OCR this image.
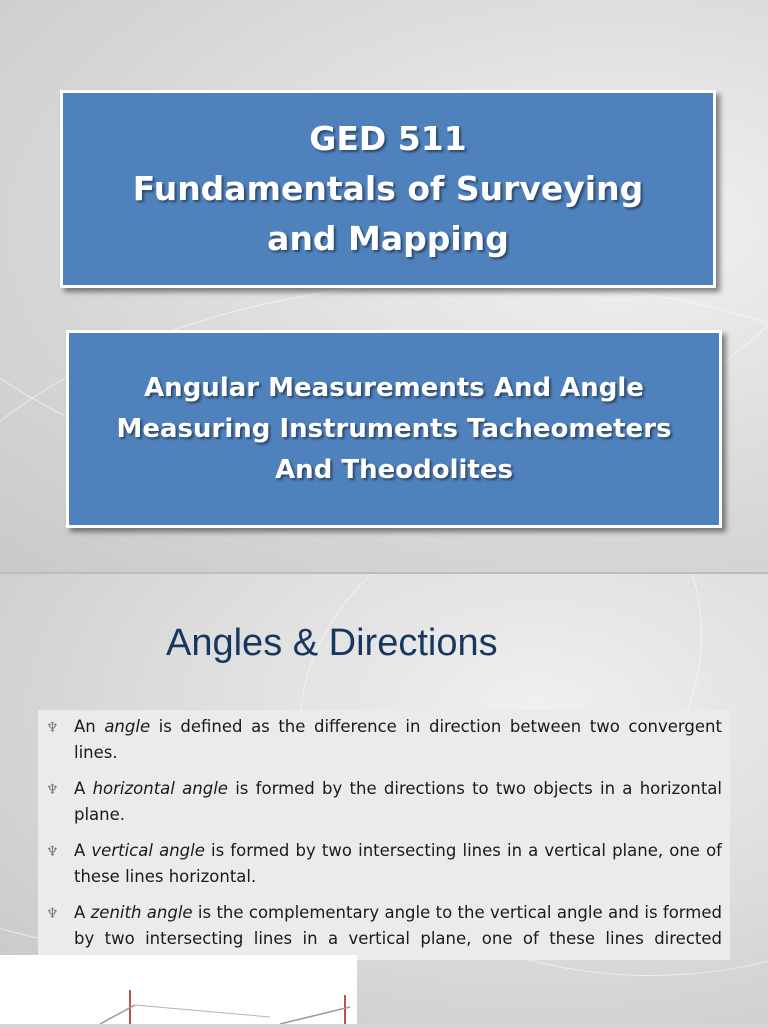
GED 511
Fundamentals of Surveying and Mapping
Angular Measurements And Angle Measuring Instruments Tacheometers And Theodolites
Angles & Directions
♆ An angle is defined as the difference in direction between two convergent lines.
♆ A horizontal angle is formed by the directions to two objects in a horizontal plane.
♆ A vertical angle is formed by two intersecting lines in a vertical plane, one of these lines horizontal.
♆ A zenith angle is the complementary angle to the vertical angle and is formed by two intersecting lines in a vertical plane, one of these lines directed
